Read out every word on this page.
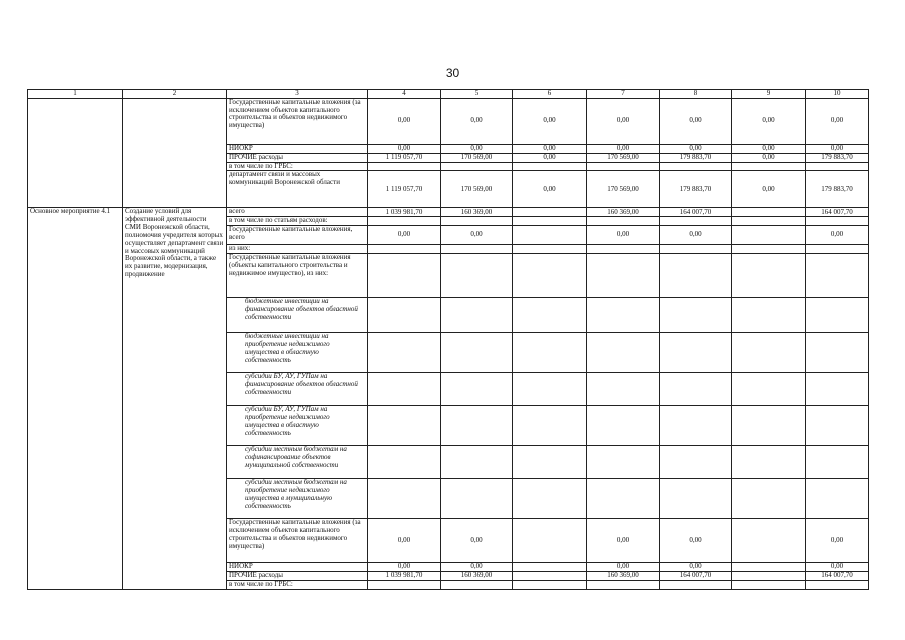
30
1	2	3	4	5	6	7	8	9	10
		Государственные капитальные вложения (за исключением объектов капитального строительства и объектов недвижимого имущества)	0,00	0,00	0,00	0,00	0,00	0,00	0,00
		НИОКР	0,00	0,00	0,00	0,00	0,00	0,00	0,00
		ПРОЧИЕ расходы	1 119 057,70	170 569,00	0,00	170 569,00	179 883,70	0,00	179 883,70
		в том числе по ГРБС:							
		департамент связи и массовых коммуникаций Воронежской области	1 119 057,70	170 569,00	0,00	170 569,00	179 883,70	0,00	179 883,70
Основное мероприятие 4.1	Создание условий для эффективной деятельности СМИ Воронежской области, полномочия учредителя которых осуществляет департамент связи и массовых коммуникаций Воронежской области, а также их развитие, модернизация, продвижение	всего	1 039 981,70	160 369,00		160 369,00	164 007,70		164 007,70
		в том числе по статьям расходов:							
		Государственные капитальные вложения, всего	0,00	0,00		0,00	0,00		0,00
		из них:							
		Государственные капитальные вложения (объекты капитального строительства и недвижимое имущество), из них:							
		бюджетные инвестиции на финансирование объектов областной собственности							
		бюджетные инвестиции на приобретение недвижимого имущества в областную собственность							
		субсидии БУ, АУ, ГУПам на финансирование объектов областной собственности							
		субсидии БУ, АУ, ГУПам на приобретение недвижимого имущества в областную собственность							
		субсидии местным бюджетам на софинансирование объектов муниципальной собственности							
		субсидии местным бюджетам на приобретение недвижимого имущества в муниципальную собственность							
		Государственные капитальные вложения (за исключением объектов капитального строительства и объектов недвижимого имущества)	0,00	0,00		0,00	0,00		0,00
		НИОКР	0,00	0,00		0,00	0,00		0,00
		ПРОЧИЕ расходы	1 039 981,70	160 369,00		160 369,00	164 007,70		164 007,70
		в том числе по ГРБС:							
